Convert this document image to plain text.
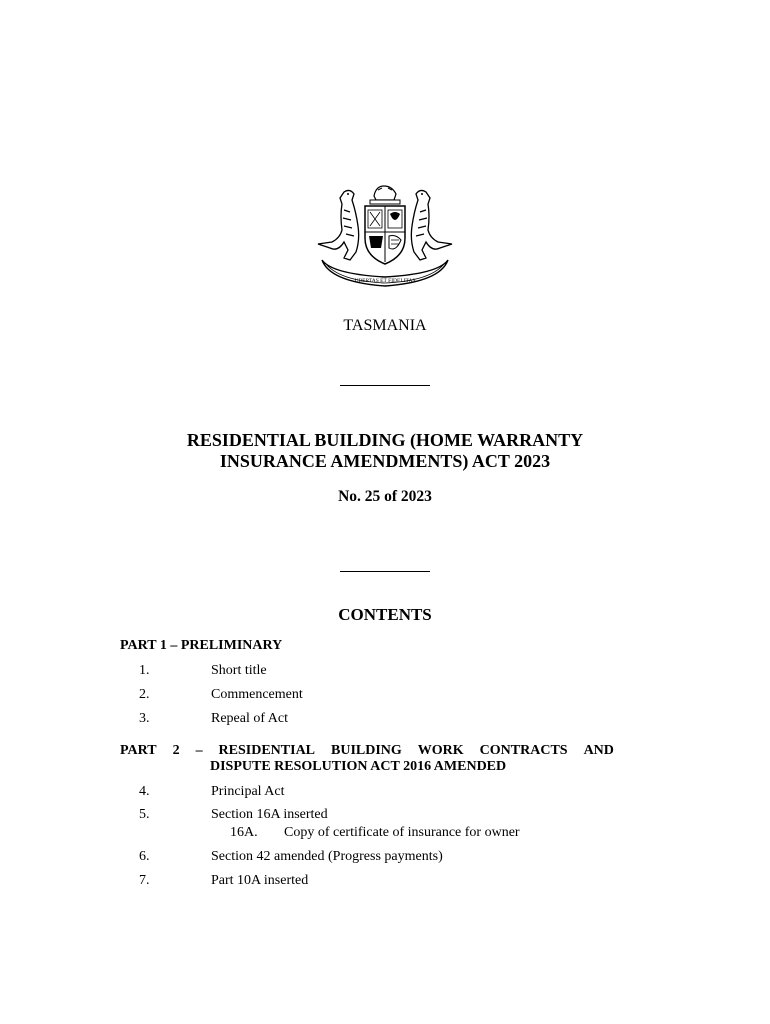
UBERTAS ET FIDELITAS
TASMANIA
RESIDENTIAL BUILDING (HOME WARRANTY
INSURANCE AMENDMENTS) ACT 2023
No. 25 of 2023
CONTENTS
PART 1 – PRELIMINARY
1.	Short title
2.	Commencement
3.	Repeal of Act
PART 2 – RESIDENTIAL BUILDING WORK CONTRACTS AND
DISPUTE RESOLUTION ACT 2016 AMENDED
4.	Principal Act
5.	Section 16A inserted
16A. Copy of certificate of insurance for owner
6.	Section 42 amended (Progress payments)
7.	Part 10A inserted
